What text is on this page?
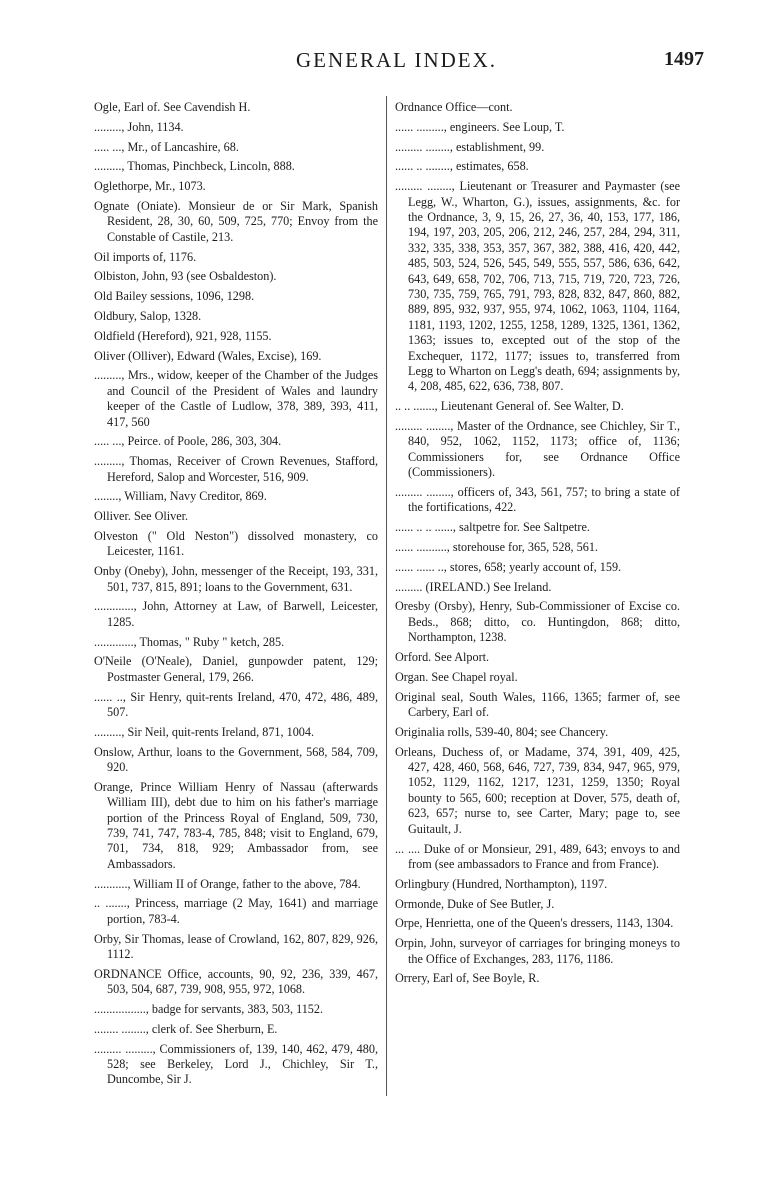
GENERAL INDEX.	1497

Ogle, Earl of. See Cavendish H.

........., John, 1134.

..... ..., Mr., of Lancashire, 68.

........., Thomas, Pinchbeck, Lincoln, 888.

Oglethorpe, Mr., 1073.

Ognate (Oniate). Monsieur de or Sir Mark, Spanish Resident, 28, 30, 60, 509, 725, 770; Envoy from the Constable of Castile, 213.

Oil imports of, 1176.

Olbiston, John, 93 (see Osbaldeston).

Old Bailey sessions, 1096, 1298.

Oldbury, Salop, 1328.

Oldfield (Hereford), 921, 928, 1155.

Oliver (Olliver), Edward (Wales, Excise), 169.

........., Mrs., widow, keeper of the Chamber of the Judges and Council of the President of Wales and laundry keeper of the Castle of Ludlow, 378, 389, 393, 411, 417, 560

..... ..., Peirce. of Poole, 286, 303, 304.

........., Thomas, Receiver of Crown Revenues, Stafford, Hereford, Salop and Worcester, 516, 909.

........, William, Navy Creditor, 869.

Olliver. See Oliver.

Olveston (" Old Neston") dissolved monastery, co Leicester, 1161.

Onby (Oneby), John, messenger of the Receipt, 193, 331, 501, 737, 815, 891; loans to the Government, 631.

............., John, Attorney at Law, of Barwell, Leicester, 1285.

............., Thomas, " Ruby " ketch, 285.

O'Neile (O'Neale), Daniel, gunpowder patent, 129; Postmaster General, 179, 266.

...... .., Sir Henry, quit-rents Ireland, 470, 472, 486, 489, 507.

........., Sir Neil, quit-rents Ireland, 871, 1004.

Onslow, Arthur, loans to the Government, 568, 584, 709, 920.

Orange, Prince William Henry of Nassau (afterwards William III), debt due to him on his father's marriage portion of the Princess Royal of England, 509, 730, 739, 741, 747, 783-4, 785, 848; visit to England, 679, 701, 734, 818, 929; Ambassador from, see Ambassadors.

..........., William II of Orange, father to the above, 784.

.. ......., Princess, marriage (2 May, 1641) and marriage portion, 783-4.

Orby, Sir Thomas, lease of Crowland, 162, 807, 829, 926, 1112.

ORDNANCE Office, accounts, 90, 92, 236, 339, 467, 503, 504, 687, 739, 908, 955, 972, 1068.

................., badge for servants, 383, 503, 1152.

........ ........, clerk of. See Sherburn, E.

......... ........., Commissioners of, 139, 140, 462, 479, 480, 528; see Berkeley, Lord J., Chichley, Sir T., Duncombe, Sir J.

Ordnance Office—cont.

...... ........., engineers. See Loup, T.

......... ........, establishment, 99.

...... .. ........, estimates, 658.

......... ........, Lieutenant or Treasurer and Paymaster (see Legg, W., Wharton, G.), issues, assignments, &c. for the Ordnance, 3, 9, 15, 26, 27, 36, 40, 153, 177, 186, 194, 197, 203, 205, 206, 212, 246, 257, 284, 294, 311, 332, 335, 338, 353, 357, 367, 382, 388, 416, 420, 442, 485, 503, 524, 526, 545, 549, 555, 557, 586, 636, 642, 643, 649, 658, 702, 706, 713, 715, 719, 720, 723, 726, 730, 735, 759, 765, 791, 793, 828, 832, 847, 860, 882, 889, 895, 932, 937, 955, 974, 1062, 1063, 1104, 1164, 1181, 1193, 1202, 1255, 1258, 1289, 1325, 1361, 1362, 1363; issues to, excepted out of the stop of the Exchequer, 1172, 1177; issues to, transferred from Legg to Wharton on Legg's death, 694; assignments by, 4, 208, 485, 622, 636, 738, 807.

.. .. ......., Lieutenant General of. See Walter, D.

......... ........, Master of the Ordnance, see Chichley, Sir T., 840, 952, 1062, 1152, 1173; office of, 1136; Commissioners for, see Ordnance Office (Commissioners).

......... ........, officers of, 343, 561, 757; to bring a state of the fortifications, 422.

...... .. .. ......, saltpetre for. See Saltpetre.

...... .........., storehouse for, 365, 528, 561.

...... ...... .., stores, 658; yearly account of, 159.

......... (IRELAND.) See Ireland.

Oresby (Orsby), Henry, Sub-Commissioner of Excise co. Beds., 868; ditto, co. Huntingdon, 868; ditto, Northampton, 1238.

Orford. See Alport.

Organ. See Chapel royal.

Original seal, South Wales, 1166, 1365; farmer of, see Carbery, Earl of.

Originalia rolls, 539-40, 804; see Chancery.

Orleans, Duchess of, or Madame, 374, 391, 409, 425, 427, 428, 460, 568, 646, 727, 739, 834, 947, 965, 979, 1052, 1129, 1162, 1217, 1231, 1259, 1350; Royal bounty to 565, 600; reception at Dover, 575, death of, 623, 657; nurse to, see Carter, Mary; page to, see Guitault, J.

... .... Duke of or Monsieur, 291, 489, 643; envoys to and from (see ambassadors to France and from France).

Orlingbury (Hundred, Northampton), 1197.

Ormonde, Duke of See Butler, J.

Orpe, Henrietta, one of the Queen's dressers, 1143, 1304.

Orpin, John, surveyor of carriages for bringing moneys to the Office of Exchanges, 283, 1176, 1186.

Orrery, Earl of, See Boyle, R.
